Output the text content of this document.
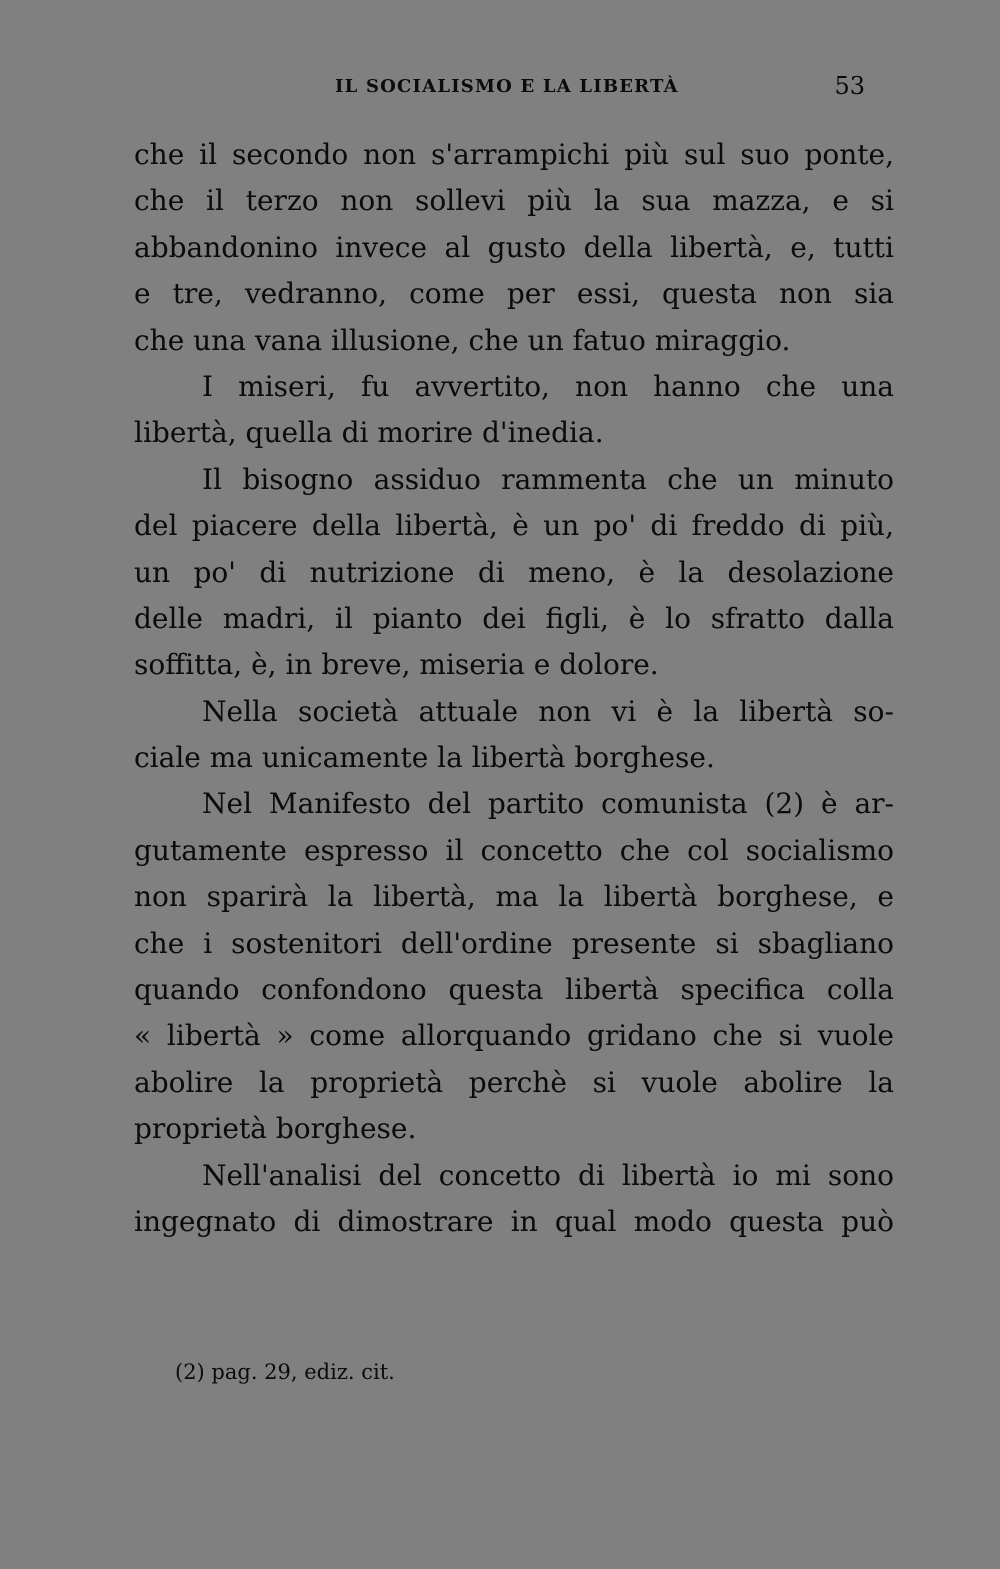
IL SOCIALISMO E LA LIBERTÀ	53
che il secondo non s'arrampichi più sul suo ponte,
che il terzo non sollevi più la sua mazza, e si
abbandonino invece al gusto della libertà, e, tutti
e tre, vedranno, come per essi, questa non sia
che una vana illusione, che un fatuo miraggio.
I miseri, fu avvertito, non hanno che una
libertà, quella di morire d'inedia.
Il bisogno assiduo rammenta che un minuto
del piacere della libertà, è un po' di freddo di più,
un po' di nutrizione di meno, è la desolazione
delle madri, il pianto dei figli, è lo sfratto dalla
soffitta, è, in breve, miseria e dolore.
Nella società attuale non vi è la libertà so-
ciale ma unicamente la libertà borghese.
Nel Manifesto del partito comunista (2) è ar-
gutamente espresso il concetto che col socialismo
non sparirà la libertà, ma la libertà borghese, e
che i sostenitori dell'ordine presente si sbagliano
quando confondono questa libertà specifica colla
« libertà » come allorquando gridano che si vuole
abolire la proprietà perchè si vuole abolire la
proprietà borghese.
Nell'analisi del concetto di libertà io mi sono
ingegnato di dimostrare in qual modo questa può
(2) pag. 29, ediz. cit.
